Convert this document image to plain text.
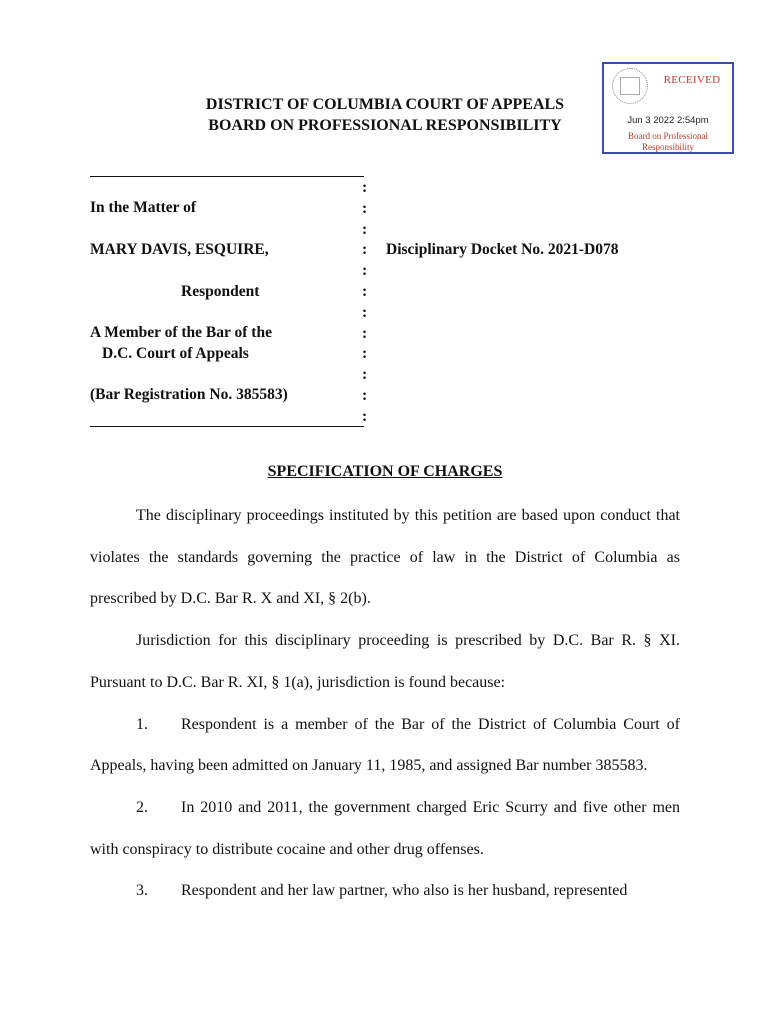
DISTRICT OF COLUMBIA COURT OF APPEALS
BOARD ON PROFESSIONAL RESPONSIBILITY
RECEIVED
Jun 3 2022 2:54pm
Board on Professional
Responsibility
In the Matter of
MARY DAVIS, ESQUIRE,
Respondent
A Member of the Bar of the
D.C. Court of Appeals
(Bar Registration No. 385583)
:
:
:
:
:
:
:
:
:
:
:
:
Disciplinary Docket No. 2021-D078
SPECIFICATION OF CHARGES

The disciplinary proceedings instituted by this petition are based upon conduct that violates the standards governing the practice of law in the District of Columbia as prescribed by D.C. Bar R. X and XI, § 2(b).

Jurisdiction for this disciplinary proceeding is prescribed by D.C. Bar R. § XI. Pursuant to D.C. Bar R. XI, § 1(a), jurisdiction is found because:

1. Respondent is a member of the Bar of the District of Columbia Court of Appeals, having been admitted on January 11, 1985, and assigned Bar number 385583.

2. In 2010 and 2011, the government charged Eric Scurry and five other men with conspiracy to distribute cocaine and other drug offenses.

3. Respondent and her law partner, who also is her husband, represented
